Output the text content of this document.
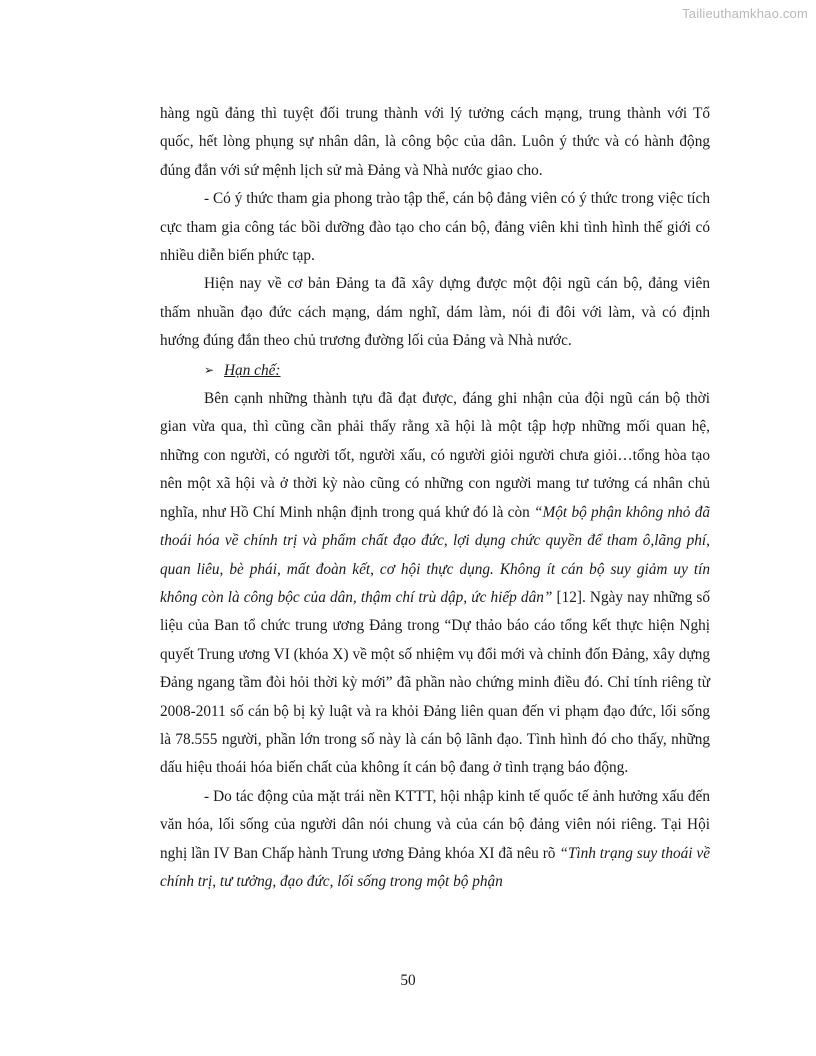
Tailieuthamkhao.com

hàng ngũ đảng thì tuyệt đối trung thành với lý tưởng cách mạng, trung thành với Tổ quốc, hết lòng phụng sự nhân dân, là công bộc của dân. Luôn ý thức và có hành động đúng đắn với sứ mệnh lịch sử mà Đảng và Nhà nước giao cho.

- Có ý thức tham gia phong trào tập thể, cán bộ đảng viên có ý thức trong việc tích cực tham gia công tác bồi dưỡng đào tạo cho cán bộ, đảng viên khi tình hình thế giới có nhiều diễn biến phức tạp.

Hiện nay về cơ bản Đảng ta đã xây dựng được một đội ngũ cán bộ, đảng viên thấm nhuần đạo đức cách mạng, dám nghĩ, dám làm, nói đi đôi với làm, và có định hướng đúng đắn theo chủ trương đường lối của Đảng và Nhà nước.

➢ Hạn chế:

Bên cạnh những thành tựu đã đạt được, đáng ghi nhận của đội ngũ cán bộ thời gian vừa qua, thì cũng cần phải thấy rằng xã hội là một tập hợp những mối quan hệ, những con người, có người tốt, người xấu, có người giỏi người chưa giỏi…tổng hòa tạo nên một xã hội và ở thời kỳ nào cũng có những con người mang tư tưởng cá nhân chủ nghĩa, như Hồ Chí Minh nhận định trong quá khứ đó là còn “Một bộ phận không nhỏ đã thoái hóa về chính trị và phẩm chất đạo đức, lợi dụng chức quyền để tham ô,lãng phí, quan liêu, bè phái, mất đoàn kết, cơ hội thực dụng. Không ít cán bộ suy giảm uy tín không còn là công bộc của dân, thậm chí trù dập, ức hiếp dân” [12]. Ngày nay những số liệu của Ban tổ chức trung ương Đảng trong “Dự thảo báo cáo tổng kết thực hiện Nghị quyết Trung ương VI (khóa X) về một số nhiệm vụ đổi mới và chỉnh đốn Đảng, xây dựng Đảng ngang tầm đòi hỏi thời kỳ mới” đã phần nào chứng minh điều đó. Chỉ tính riêng từ 2008-2011 số cán bộ bị kỷ luật và ra khỏi Đảng liên quan đến vi phạm đạo đức, lối sống là 78.555 người, phần lớn trong số này là cán bộ lãnh đạo. Tình hình đó cho thấy, những dấu hiệu thoái hóa biến chất của không ít cán bộ đang ở tình trạng báo động.

- Do tác động của mặt trái nền KTTT, hội nhập kinh tế quốc tế ảnh hưởng xấu đến văn hóa, lối sống của người dân nói chung và của cán bộ đảng viên nói riêng. Tại Hội nghị lần IV Ban Chấp hành Trung ương Đảng khóa XI đã nêu rõ “Tình trạng suy thoái về chính trị, tư tưởng, đạo đức, lối sống trong một bộ phận

50
